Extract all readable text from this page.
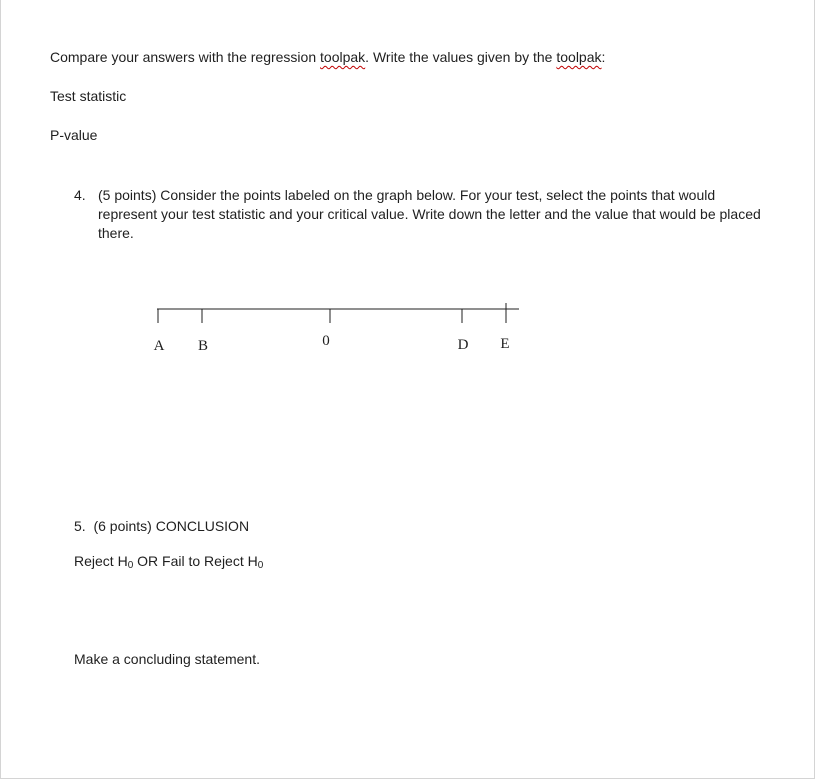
Compare your answers with the regression toolpak. Write the values given by the toolpak:
Test statistic
P-value
4. (5 points) Consider the points labeled on the graph below. For your test, select the points that would represent your test statistic and your critical value. Write down the letter and the value that would be placed there.
A B	0	D E
5. (6 points) CONCLUSION
Reject $H_0$ OR Fail to Reject $H_0$
Make a concluding statement.
